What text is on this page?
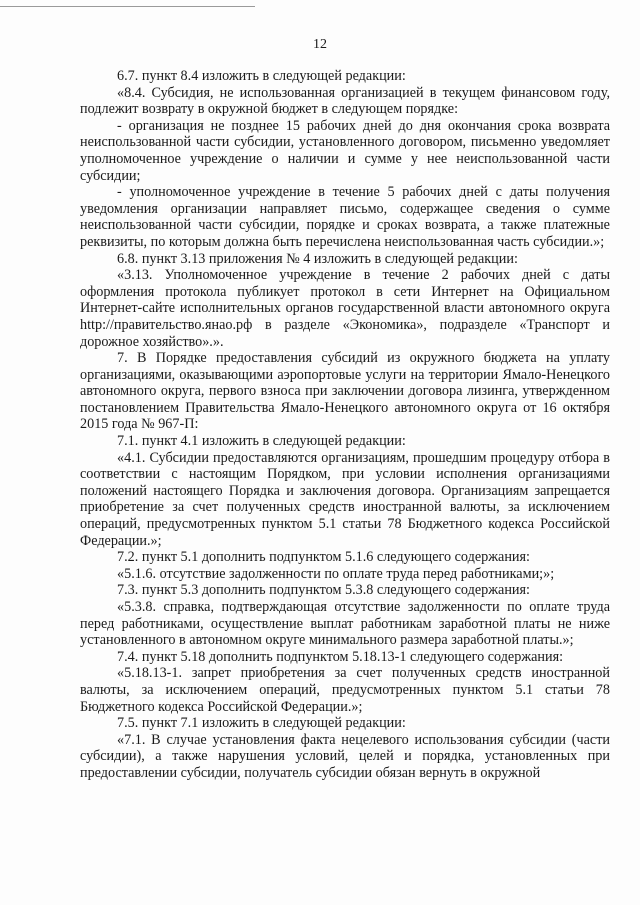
12

6.7. пункт 8.4 изложить в следующей редакции:

«8.4. Субсидия, не использованная организацией в текущем финансовом году, подлежит возврату в окружной бюджет в следующем порядке:

- организация не позднее 15 рабочих дней до дня окончания срока возврата неиспользованной части субсидии, установленного договором, письменно уведомляет уполномоченное учреждение о наличии и сумме у нее неиспользованной части субсидии;

- уполномоченное учреждение в течение 5 рабочих дней с даты получения уведомления организации направляет письмо, содержащее сведения о сумме неиспользованной части субсидии, порядке и сроках возврата, а также платежные реквизиты, по которым должна быть перечислена неиспользованная часть субсидии.»;

6.8. пункт 3.13 приложения № 4 изложить в следующей редакции:

«3.13. Уполномоченное учреждение в течение 2 рабочих дней с даты оформления протокола публикует протокол в сети Интернет на Официальном Интернет-сайте исполнительных органов государственной власти автономного округа http://правительство.янао.рф в разделе «Экономика», подразделе «Транспорт и дорожное хозяйство».».

7. В Порядке предоставления субсидий из окружного бюджета на уплату организациями, оказывающими аэропортовые услуги на территории Ямало-Ненецкого автономного округа, первого взноса при заключении договора лизинга, утвержденном постановлением Правительства Ямало-Ненецкого автономного округа от 16 октября 2015 года № 967-П:

7.1. пункт 4.1 изложить в следующей редакции:

«4.1. Субсидии предоставляются организациям, прошедшим процедуру отбора в соответствии с настоящим Порядком, при условии исполнения организациями положений настоящего Порядка и заключения договора. Организациям запрещается приобретение за счет полученных средств иностранной валюты, за исключением операций, предусмотренных пунктом 5.1 статьи 78 Бюджетного кодекса Российской Федерации.»;

7.2. пункт 5.1 дополнить подпунктом 5.1.6 следующего содержания:

«5.1.6. отсутствие задолженности по оплате труда перед работниками;»;

7.3. пункт 5.3 дополнить подпунктом 5.3.8 следующего содержания:

«5.3.8. справка, подтверждающая отсутствие задолженности по оплате труда перед работниками, осуществление выплат работникам заработной платы не ниже установленного в автономном округе минимального размера заработной платы.»;

7.4. пункт 5.18 дополнить подпунктом 5.18.13-1 следующего содержания:

«5.18.13-1. запрет приобретения за счет полученных средств иностранной валюты, за исключением операций, предусмотренных пунктом 5.1 статьи 78 Бюджетного кодекса Российской Федерации.»;

7.5. пункт 7.1 изложить в следующей редакции:

«7.1. В случае установления факта нецелевого использования субсидии (части субсидии), а также нарушения условий, целей и порядка, установленных при предоставлении субсидии, получатель субсидии обязан вернуть в окружной
